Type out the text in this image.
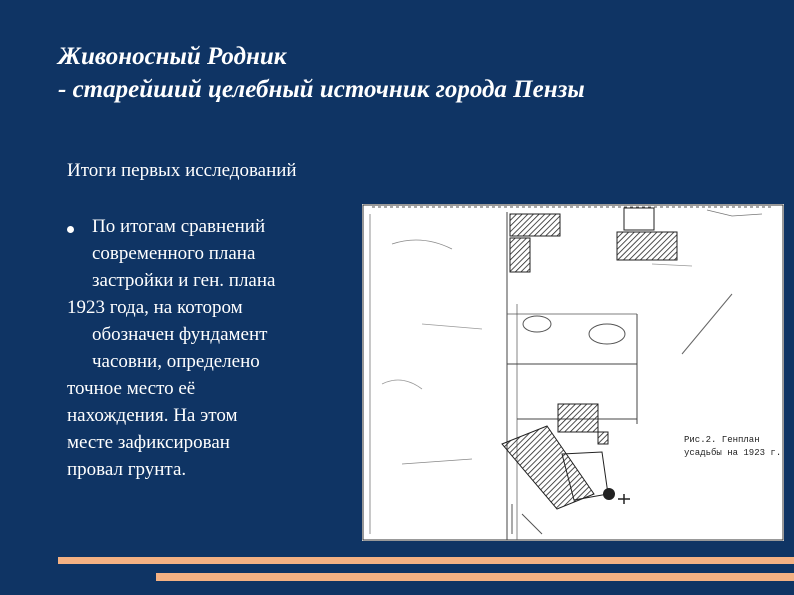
Живоносный Родник
- старейший целебный источник города Пензы
Итоги первых исследований
По итогам сравнений
современного плана
застройки и ген. плана
1923 года, на котором
обозначен фундамент
часовни, определено
точное место её
нахождения. На этом
месте зафиксирован
провал грунта.
Рис.2. Генплан
усадьбы на 1923 г.
